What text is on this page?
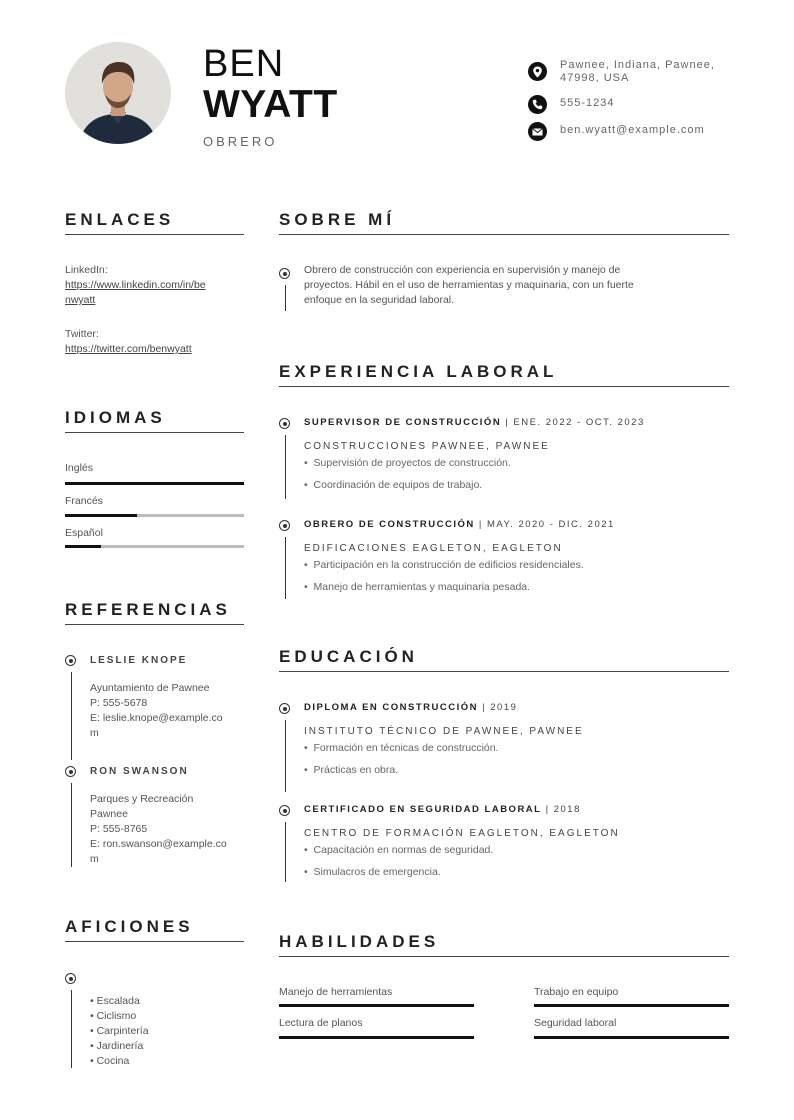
BEN
WYATT
OBRERO
Pawnee, Indiana, Pawnee,
47998, USA
555-1234
ben.wyatt@example.com
ENLACES
LinkedIn:
https://www.linkedin.com/in/be
nwyatt
Twitter:
https://twitter.com/benwyatt
IDIOMAS
Inglés
Francés
Español
REFERENCIAS
LESLIE KNOPE
Ayuntamiento de Pawnee
P: 555-5678
E: leslie.knope@example.co
m
RON SWANSON
Parques y Recreación
Pawnee
P: 555-8765
E: ron.swanson@example.co
m
AFICIONES
• Escalada
• Ciclismo
• Carpintería
• Jardinería
• Cocina
SOBRE MÍ
Obrero de construcción con experiencia en supervisión y manejo de
proyectos. Hábil en el uso de herramientas y maquinaria, con un fuerte
enfoque en la seguridad laboral.
EXPERIENCIA LABORAL
SUPERVISOR DE CONSTRUCCIÓN | ENE. 2022 - OCT. 2023
CONSTRUCCIONES PAWNEE, PAWNEE
•  Supervisión de proyectos de construcción.
•  Coordinación de equipos de trabajo.
OBRERO DE CONSTRUCCIÓN | MAY. 2020 - DIC. 2021
EDIFICACIONES EAGLETON, EAGLETON
•  Participación en la construcción de edificios residenciales.
•  Manejo de herramientas y maquinaria pesada.
EDUCACIÓN
DIPLOMA EN CONSTRUCCIÓN | 2019
INSTITUTO TÉCNICO DE PAWNEE, PAWNEE
•  Formación en técnicas de construcción.
•  Prácticas en obra.
CERTIFICADO EN SEGURIDAD LABORAL | 2018
CENTRO DE FORMACIÓN EAGLETON, EAGLETON
•  Capacitación en normas de seguridad.
•  Simulacros de emergencia.
HABILIDADES
Manejo de herramientas	Trabajo en equipo
Lectura de planos	Seguridad laboral
